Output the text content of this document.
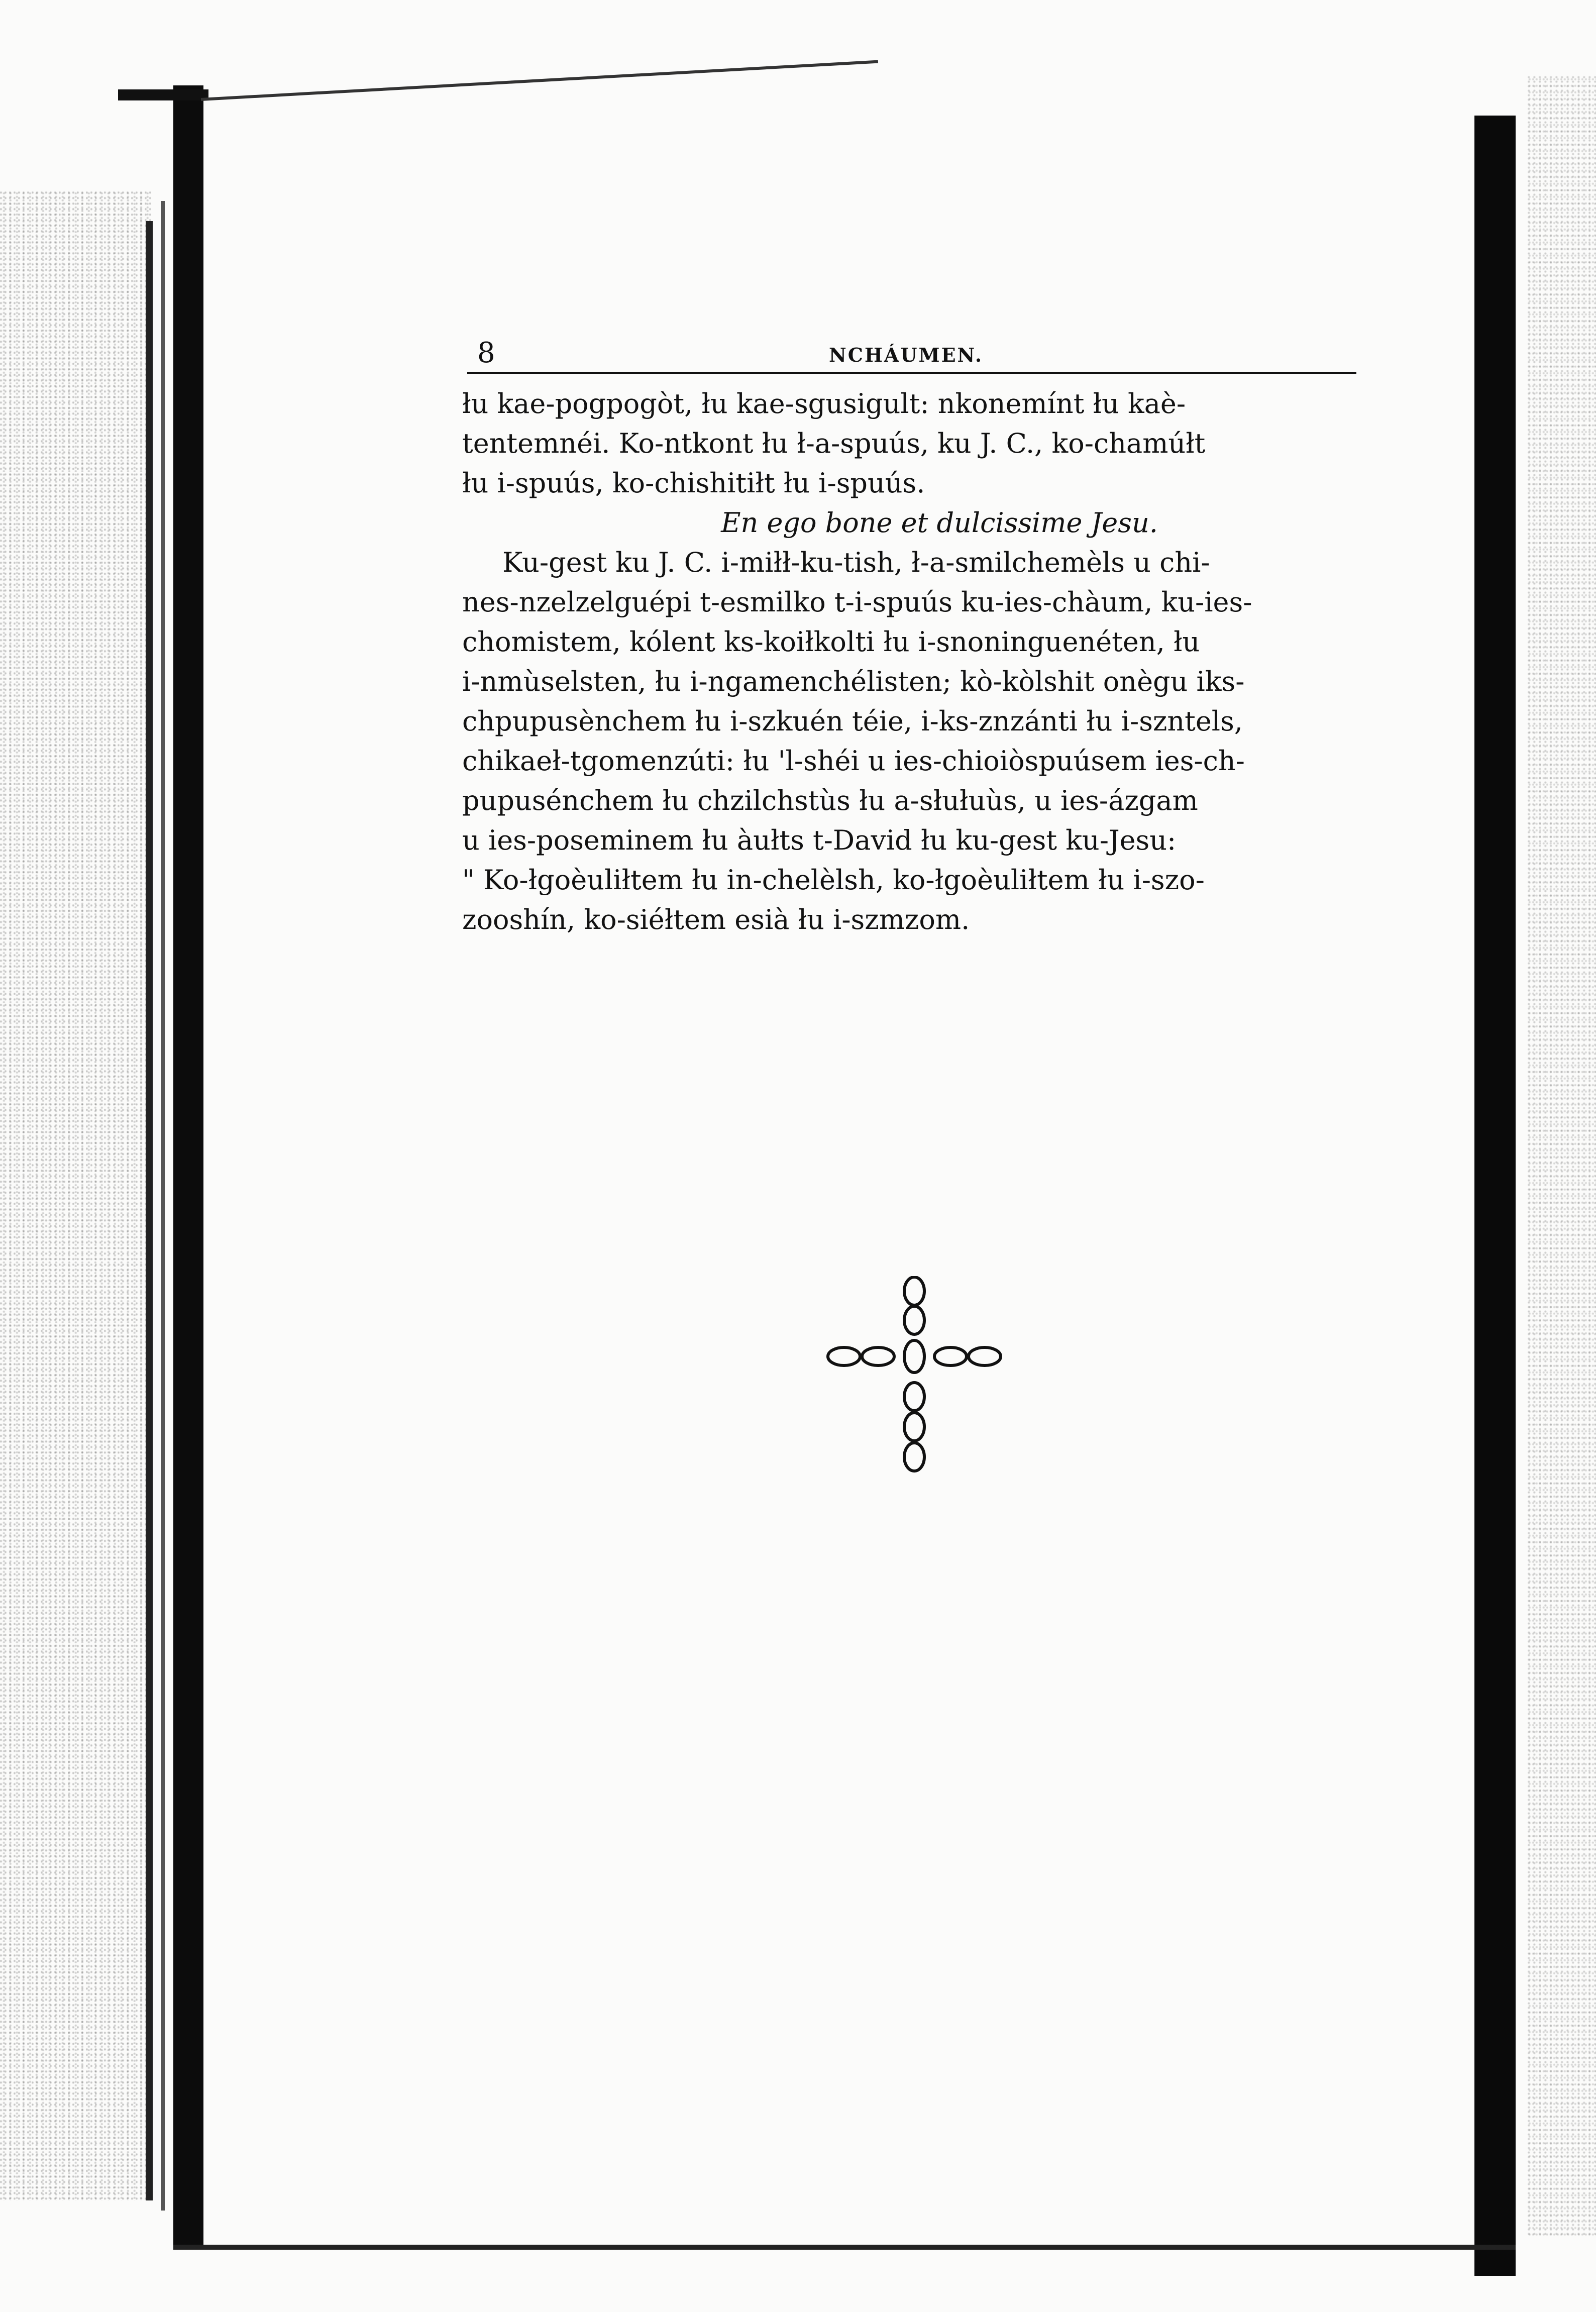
8	NCHÁUMEN.
łu kae-pogpogòt, łu kae-sgusigult: nkonemínt łu kaè-
tentemnéi. Ko-ntkont łu ł-a-spuús, ku J. C., ko-chamúłt
łu i-spuús, ko-chishitiłt łu i-spuús.
En ego bone et dulcissime Jesu.
Ku-gest ku J. C. i-miłł-ku-tish, ł-a-smilchemèls u chi-
nes-nzelzelguépi t-esmilko t-i-spuús ku-ies-chàum, ku-ies-
chomistem, kólent ks-koiłkolti łu i-snoninguenéten, łu
i-nmùselsten, łu i-ngamenchélisten; kò-kòlshit onègu iks-
chpupusènchem łu i-szkuén téie, i-ks-znzánti łu i-szntels,
chikaeł-tgomenzúti: łu 'l-shéi u ies-chioiòspuúsem ies-ch-
pupusénchem łu chzilchstùs łu a-słułuùs, u ies-ázgam
u ies-poseminem łu àułts t-David łu ku-gest ku-Jesu:
" Ko-łgoèuliłtem łu in-chelèlsh, ko-łgoèuliłtem łu i-szo-
zooshín, ko-siéłtem esià łu i-szmzom.
